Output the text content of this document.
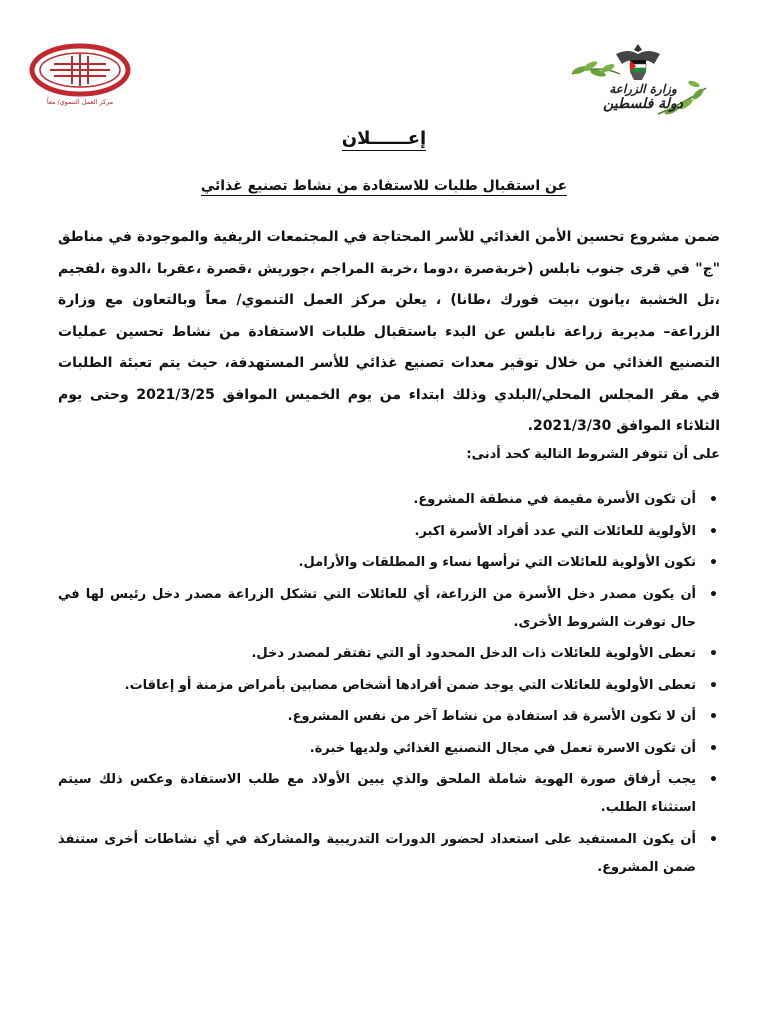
وزارة الزراعة
دولة فلسطين
مركز العمل التنموي/ معاً
إعــــــلان
عن استقبال طلبات للاستفادة من نشاط تصنيع غذائي

ضمن مشروع تحسين الأمن الغذائي للأسر المحتاجة في المجتمعات الريفية والموجودة في مناطق "ج" في قرى جنوب نابلس (خربةصرة ،دوما ،خربة المراجم ،جوريش ،قصرة ،عقربا ،الدوة ،لفجيم ،تل الخشبة ،يانون ،بيت فورك ،طانا) ، يعلن مركز العمل التنموي/ معاً وبالتعاون مع وزارة الزراعة– مديرية زراعة نابلس عن البدء باستقبال طلبات الاستفادة من نشاط تحسين عمليات التصنيع الغذائي من خلال توفير معدات تصنيع غذائي للأسر المستهدفة، حيث يتم تعبئة الطلبات في مقر المجلس المحلي/البلدي وذلك ابتداء من يوم الخميس الموافق 2021/3/25 وحتى يوم الثلاثاء الموافق 2021/3/30.

على أن تتوفر الشروط التالية كحد أدنى:
• أن تكون الأسرة مقيمة في منطقة المشروع.
• الأولوية للعائلات التي عدد أفراد الأسرة اكبر.
• تكون الأولوية للعائلات التي ترأسها نساء و المطلقات والأرامل.
• أن يكون مصدر دخل الأسرة من الزراعة، أي للعائلات التي تشكل الزراعة مصدر دخل رئيس لها في حال توفرت الشروط الأخرى.
• تعطى الأولوية للعائلات ذات الدخل المحدود أو التي تفتقر لمصدر دخل.
• تعطى الأولوية للعائلات التي يوجد ضمن أفرادها أشخاص مصابين بأمراض مزمنة أو إعاقات.
• أن لا تكون الأسرة قد استفادة من نشاط آخر من نفس المشروع.
• أن تكون الاسرة تعمل في مجال التصنيع الغذائي ولديها خبرة.
• يجب أرفاق صورة الهوية شاملة الملحق والذي يبين الأولاد مع طلب الاستفادة وعكس ذلك سيتم استثناء الطلب.
• أن يكون المستفيد على استعداد لحضور الدورات التدريبية والمشاركة في أي نشاطات أخرى ستنفذ ضمن المشروع.
